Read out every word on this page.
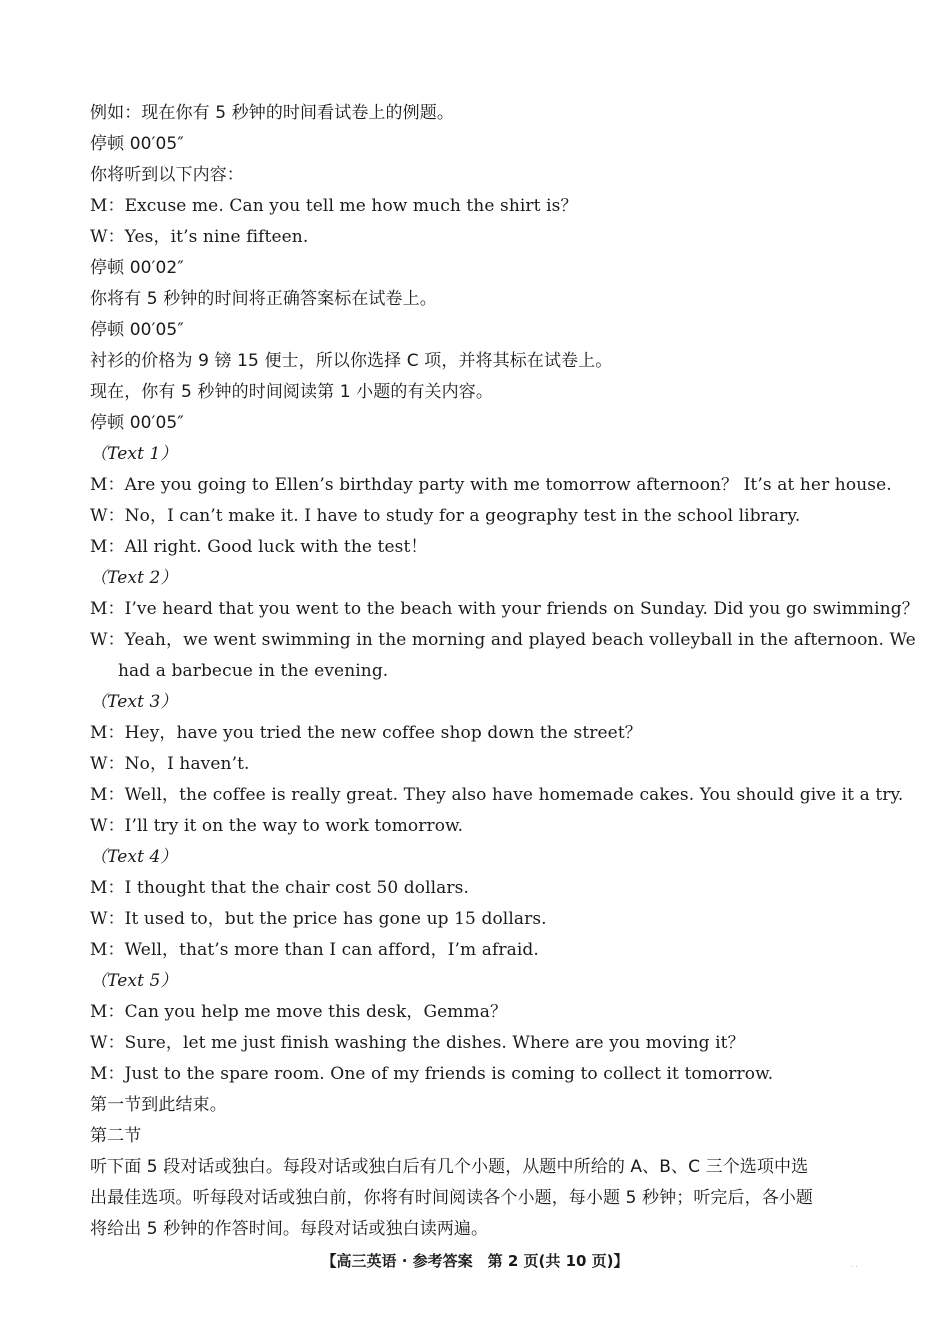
例如：现在你有 5 秒钟的时间看试卷上的例题。
停顿 00′05″
你将听到以下内容：
M：Excuse me. Can you tell me how much the shirt is？
W：Yes，it’s nine fifteen.
停顿 00′02″
你将有 5 秒钟的时间将正确答案标在试卷上。
停顿 00′05″
衬衫的价格为 9 镑 15 便士，所以你选择 C 项，并将其标在试卷上。
现在，你有 5 秒钟的时间阅读第 1 小题的有关内容。
停顿 00′05″
（Text 1）
M：Are you going to Ellen’s birthday party with me tomorrow afternoon？ It’s at her house.
W：No，I can’t make it. I have to study for a geography test in the school library.
M：All right. Good luck with the test！
（Text 2）
M：I’ve heard that you went to the beach with your friends on Sunday. Did you go swimming？
W：Yeah，we went swimming in the morning and played beach volleyball in the afternoon. We
had a barbecue in the evening.
（Text 3）
M：Hey，have you tried the new coffee shop down the street？
W：No，I haven’t.
M：Well，the coffee is really great. They also have homemade cakes. You should give it a try.
W：I’ll try it on the way to work tomorrow.
（Text 4）
M：I thought that the chair cost 50 dollars.
W：It used to，but the price has gone up 15 dollars.
M：Well，that’s more than I can afford，I’m afraid.
（Text 5）
M：Can you help me move this desk，Gemma？
W：Sure，let me just finish washing the dishes. Where are you moving it？
M：Just to the spare room. One of my friends is coming to collect it tomorrow.
第一节到此结束。
第二节
听下面 5 段对话或独白。每段对话或独白后有几个小题，从题中所给的 A、B、C 三个选项中选
出最佳选项。听每段对话或独白前，你将有时间阅读各个小题，每小题 5 秒钟；听完后，各小题
将给出 5 秒钟的作答时间。每段对话或独白读两遍。
【高三英语 · 参考答案　第 2 页(共 10 页)】	· ·
